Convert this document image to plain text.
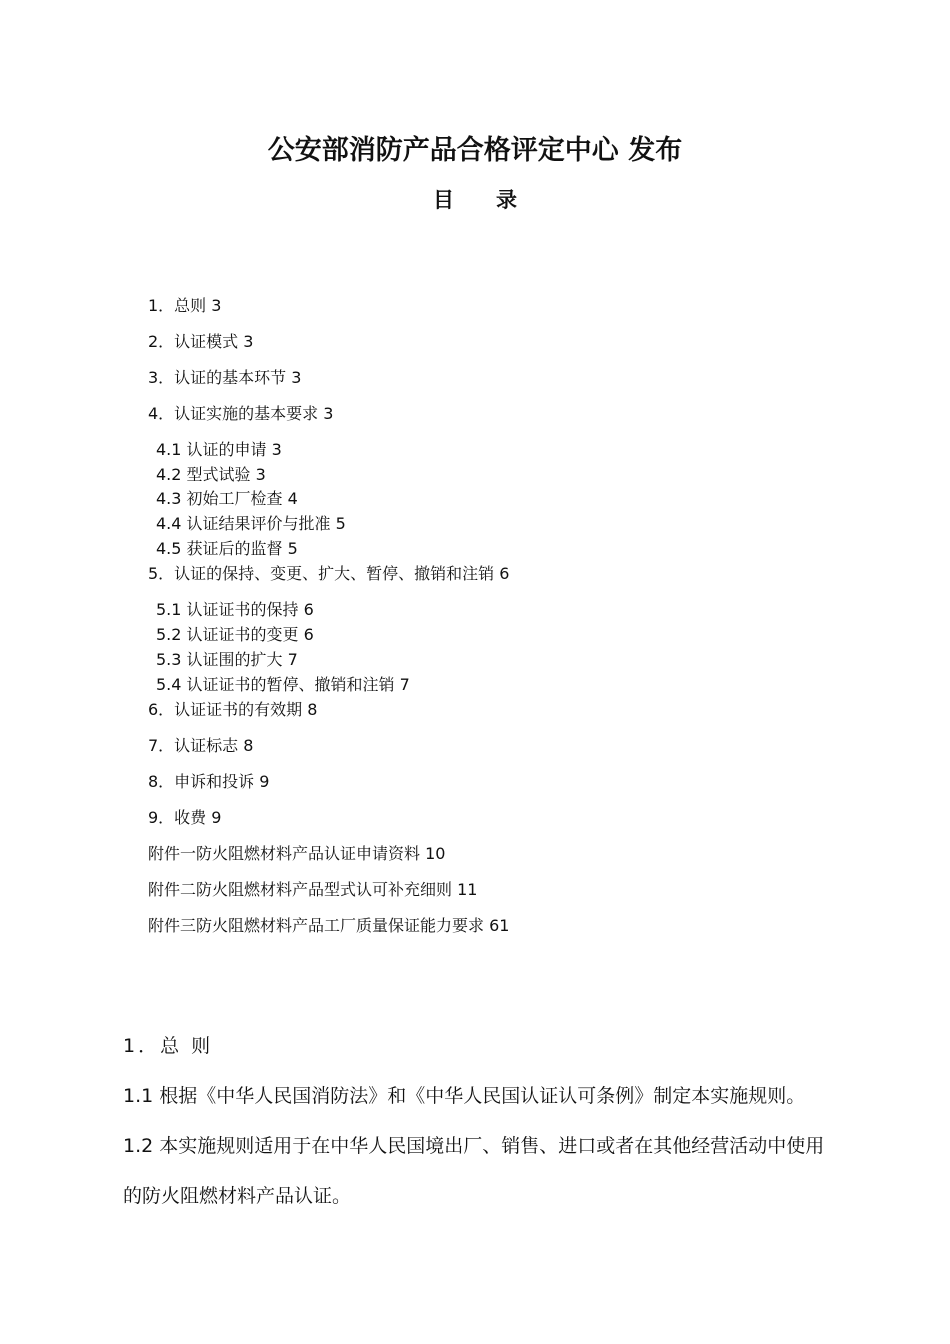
公安部消防产品合格评定中心 发布
目 录
1．总则 3
2．认证模式 3
3．认证的基本环节 3
4．认证实施的基本要求 3
4.1 认证的申请 3
4.2 型式试验 3
4.3 初始工厂检查 4
4.4 认证结果评价与批准 5
4.5 获证后的监督 5
5．认证的保持、变更、扩大、暂停、撤销和注销 6
5.1 认证证书的保持 6
5.2 认证证书的变更 6
5.3 认证围的扩大 7
5.4 认证证书的暂停、撤销和注销 7
6．认证证书的有效期 8
7．认证标志 8
8．申诉和投诉 9
9．收费 9
附件一防火阻燃材料产品认证申请资料 10
附件二防火阻燃材料产品型式认可补充细则 11
附件三防火阻燃材料产品工厂质量保证能力要求 61
1．总 则
1.1 根据《中华人民国消防法》和《中华人民国认证认可条例》制定本实施规则。
1.2 本实施规则适用于在中华人民国境出厂、销售、进口或者在其他经营活动中使用
的防火阻燃材料产品认证。
